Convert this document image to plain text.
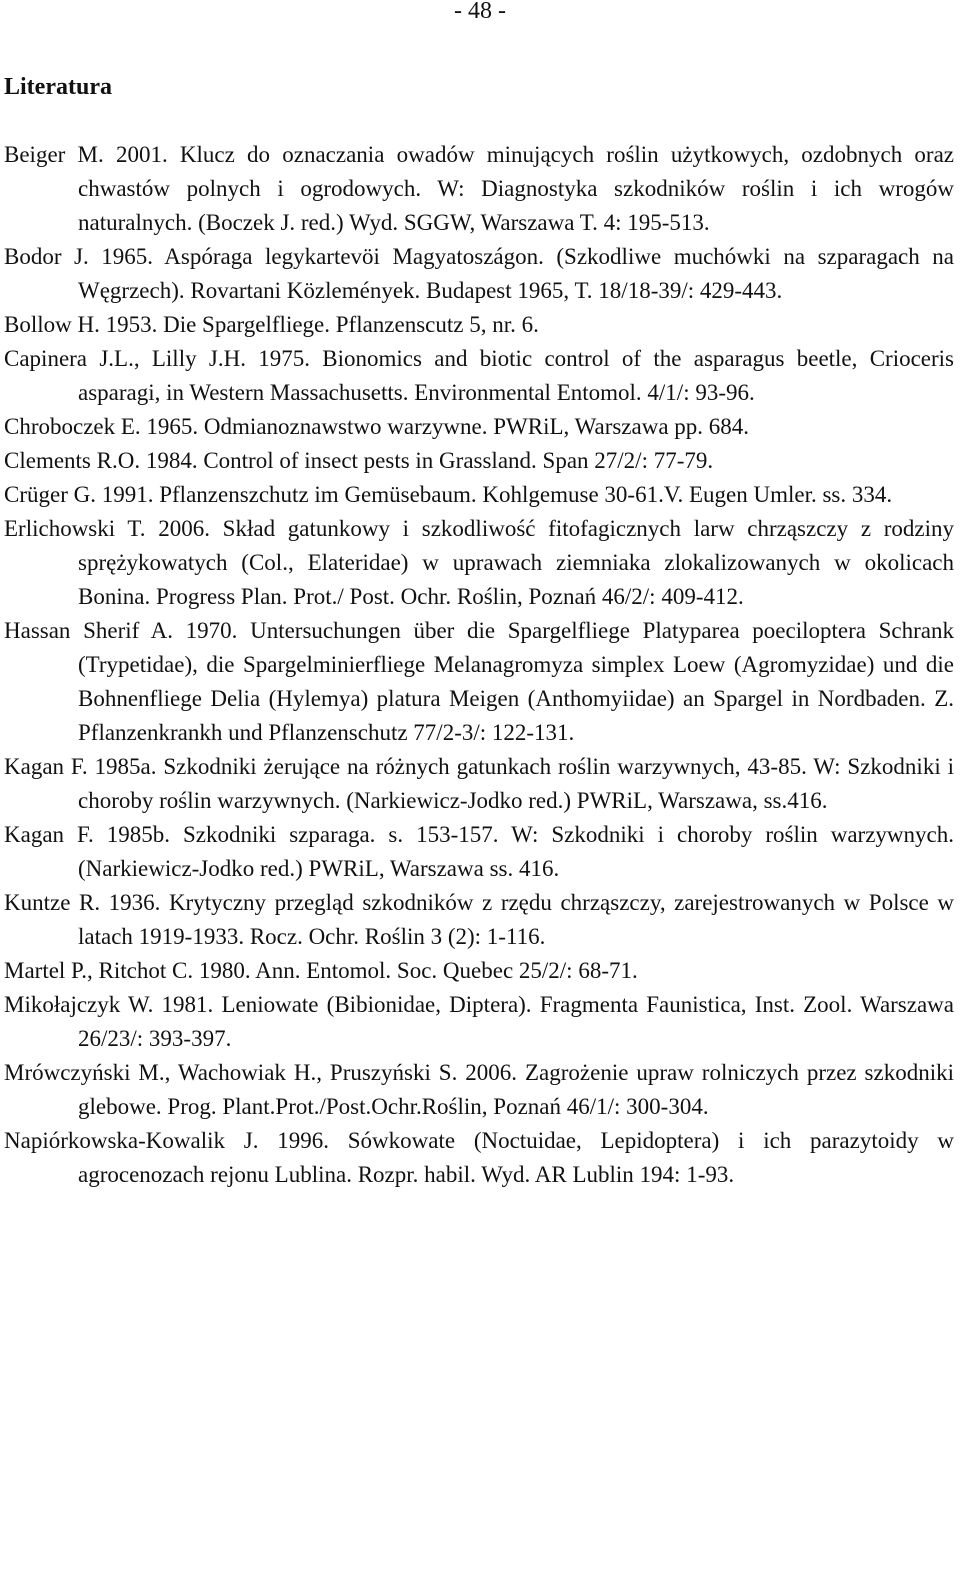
- 48 -
Literatura
Beiger M. 2001. Klucz do oznaczania owadów minujących roślin użytkowych, ozdobnych oraz chwastów polnych i ogrodowych. W: Diagnostyka szkodników roślin i ich wrogów naturalnych. (Boczek J. red.) Wyd. SGGW, Warszawa T. 4: 195-513.
Bodor J. 1965. Aspóraga legykartevöi Magyatoszágon. (Szkodliwe muchówki na szparagach na Węgrzech). Rovartani Közlemények. Budapest 1965, T. 18/18-39/: 429-443.
Bollow H. 1953. Die Spargelfliege. Pflanzenscutz 5, nr. 6.
Capinera J.L., Lilly J.H. 1975. Bionomics and biotic control of the asparagus beetle, Crioceris asparagi, in Western Massachusetts. Environmental Entomol. 4/1/: 93-96.
Chroboczek E. 1965. Odmianoznawstwo warzywne. PWRiL, Warszawa pp. 684.
Clements R.O. 1984. Control of insect pests in Grassland. Span 27/2/: 77-79.
Crüger G. 1991. Pflanzenszchutz im Gemüsebaum. Kohlgemuse 30-61.V. Eugen Umler. ss. 334.
Erlichowski T. 2006. Skład gatunkowy i szkodliwość fitofagicznych larw chrząszczy z rodziny sprężykowatych (Col., Elateridae) w uprawach ziemniaka zlokalizowanych w okolicach Bonina. Progress Plan. Prot./ Post. Ochr. Roślin, Poznań 46/2/: 409-412.
Hassan Sherif A. 1970. Untersuchungen über die Spargelfliege Platyparea poeciloptera Schrank (Trypetidae), die Spargelminierfliege Melanagromyza simplex Loew (Agromyzidae) und die Bohnenfliege Delia (Hylemya) platura Meigen (Anthomyiidae) an Spargel in Nordbaden. Z. Pflanzenkrankh und Pflanzenschutz 77/2-3/: 122-131.
Kagan F. 1985a. Szkodniki żerujące na różnych gatunkach roślin warzywnych, 43-85. W: Szkodniki i choroby roślin warzywnych. (Narkiewicz-Jodko red.) PWRiL, Warszawa, ss.416.
Kagan F. 1985b. Szkodniki szparaga. s. 153-157. W: Szkodniki i choroby roślin warzywnych. (Narkiewicz-Jodko red.) PWRiL, Warszawa ss. 416.
Kuntze R. 1936. Krytyczny przegląd szkodników z rzędu chrząszczy, zarejestrowanych w Polsce w latach 1919-1933. Rocz. Ochr. Roślin 3 (2): 1-116.
Martel P., Ritchot C. 1980. Ann. Entomol. Soc. Quebec 25/2/: 68-71.
Mikołajczyk W. 1981. Leniowate (Bibionidae, Diptera). Fragmenta Faunistica, Inst. Zool. Warszawa 26/23/: 393-397.
Mrówczyński M., Wachowiak H., Pruszyński S. 2006. Zagrożenie upraw rolniczych przez szkodniki glebowe. Prog. Plant.Prot./Post.Ochr.Roślin, Poznań 46/1/: 300-304.
Napiórkowska-Kowalik J. 1996. Sówkowate (Noctuidae, Lepidoptera) i ich parazytoidy w agrocenozach rejonu Lublina. Rozpr. habil. Wyd. AR Lublin 194: 1-93.
